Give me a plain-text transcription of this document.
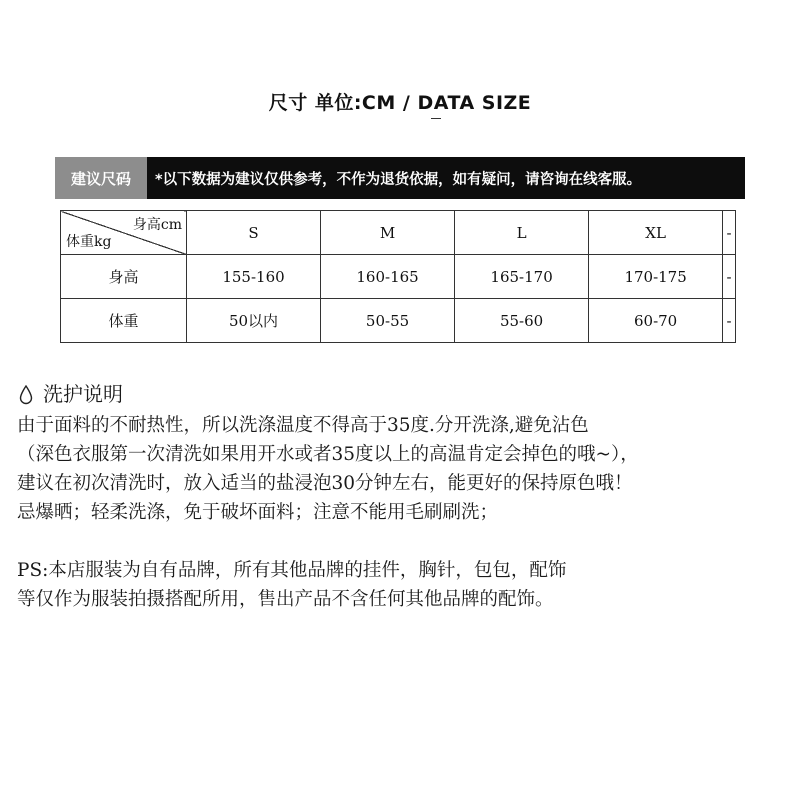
尺寸 单位:CM / DATA SIZE
建议尺码	*以下数据为建议仅供参考，不作为退货依据，如有疑问，请咨询在线客服。
身高cm
体重kg	S	M	L	XL	-
身高	155-160	160-165	165-170	170-175	-
体重	50以内	50-55	55-60	60-70	-
洗护说明

由于面料的不耐热性，所以洗涤温度不得高于35度.分开洗涤,避免沾色

（深色衣服第一次清洗如果用开水或者35度以上的高温肯定会掉色的哦~），

建议在初次清洗时，放入适当的盐浸泡30分钟左右，能更好的保持原色哦！

忌爆晒；轻柔洗涤，免于破坏面料；注意不能用毛刷刷洗；

PS:本店服装为自有品牌，所有其他品牌的挂件，胸针，包包，配饰

等仅作为服装拍摄搭配所用，售出产品不含任何其他品牌的配饰。
